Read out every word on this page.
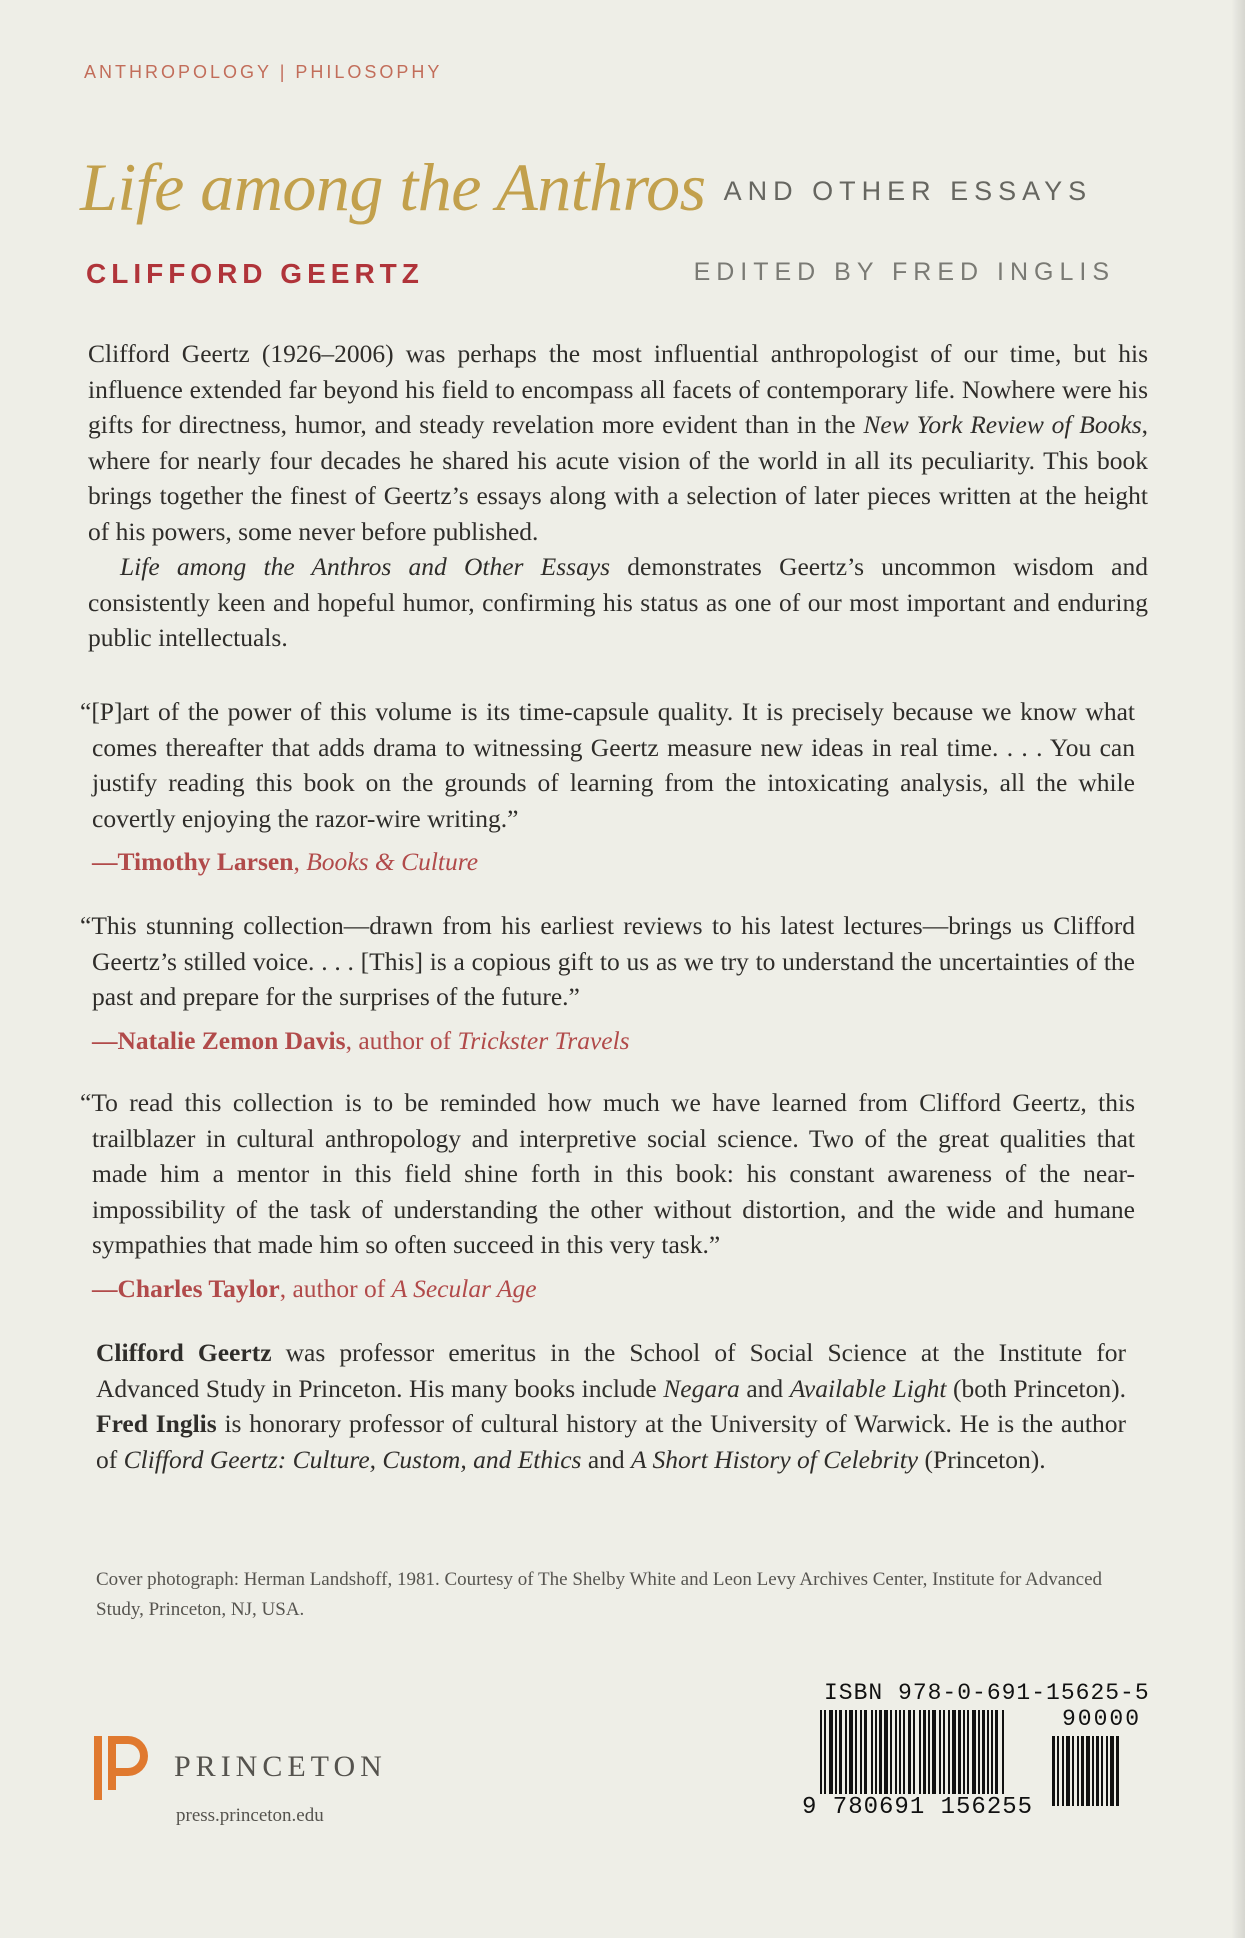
ANTHROPOLOGY | PHILOSOPHY
Life among the Anthros AND OTHER ESSAYS
CLIFFORD GEERTZ	EDITED BY FRED INGLIS

Clifford Geertz (1926–2006) was perhaps the most influential anthropologist of our time, but his influence extended far beyond his field to encompass all facets of contemporary life. Nowhere were his gifts for directness, humor, and steady revelation more evident than in the New York Review of Books, where for nearly four decades he shared his acute vision of the world in all its peculiarity. This book brings together the finest of Geertz’s essays along with a selection of later pieces written at the height of his powers, some never before published.

Life among the Anthros and Other Essays demonstrates Geertz’s uncommon wisdom and consistently keen and hopeful humor, confirming his status as one of our most important and enduring public intellectuals.

“[P]art of the power of this volume is its time-capsule quality. It is precisely because we know what comes thereafter that adds drama to witnessing Geertz measure new ideas in real time. . . . You can justify reading this book on the grounds of learning from the intoxicating analysis, all the while covertly enjoying the razor-wire writing.”

—Timothy Larsen, Books & Culture

“This stunning collection—drawn from his earliest reviews to his latest lectures—brings us Clifford Geertz’s stilled voice. . . . [This] is a copious gift to us as we try to understand the uncertainties of the past and prepare for the surprises of the future.”

—Natalie Zemon Davis, author of Trickster Travels

“To read this collection is to be reminded how much we have learned from Clifford Geertz, this trailblazer in cultural anthropology and interpretive social science. Two of the great qualities that made him a mentor in this field shine forth in this book: his constant awareness of the near-impossibility of the task of understanding the other without distortion, and the wide and humane sympathies that made him so often succeed in this very task.”

—Charles Taylor, author of A Secular Age

Clifford Geertz was professor emeritus in the School of Social Science at the Institute for Advanced Study in Princeton. His many books include Negara and Available Light (both Princeton). Fred Inglis is honorary professor of cultural history at the University of Warwick. He is the author of Clifford Geertz: Culture, Custom, and Ethics and A Short History of Celebrity (Princeton).

Cover photograph: Herman Landshoff, 1981. Courtesy of The Shelby White and Leon Levy Archives Center, Institute for Advanced Study, Princeton, NJ, USA.
PRINCETON
press.princeton.edu
ISBN 978-0-691-15625-5
90000
9 780691 156255
